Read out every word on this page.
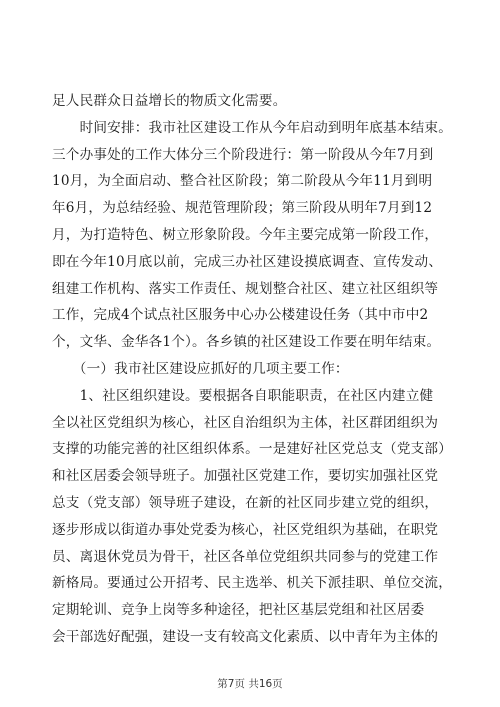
足人民群众日益增长的物质文化需要。
　　时间安排：我市社区建设工作从今年启动到明年底基本结束。
三个办事处的工作大体分三个阶段进行：第一阶段从今年7月到
10月，为全面启动、整合社区阶段；第二阶段从今年11月到明
年6月，为总结经验、规范管理阶段；第三阶段从明年7月到12
月，为打造特色、树立形象阶段。今年主要完成第一阶段工作，
即在今年10月底以前，完成三办社区建设摸底调查、宣传发动、
组建工作机构、落实工作责任、规划整合社区、建立社区组织等
工作，完成4个试点社区服务中心办公楼建设任务（其中市中2
个，文华、金华各1个）。各乡镇的社区建设工作要在明年结束。
　　（一）我市社区建设应抓好的几项主要工作：
　　1、社区组织建设。要根据各自职能职责，在社区内建立健
全以社区党组织为核心，社区自治组织为主体，社区群团组织为
支撑的功能完善的社区组织体系。一是建好社区党总支（党支部）
和社区居委会领导班子。加强社区党建工作，要切实加强社区党
总支（党支部）领导班子建设，在新的社区同步建立党的组织，
逐步形成以街道办事处党委为核心，社区党组织为基础，在职党
员、离退休党员为骨干，社区各单位党组织共同参与的党建工作
新格局。要通过公开招考、民主选举、机关下派挂职、单位交流，
定期轮训、竞争上岗等多种途径，把社区基层党组和社区居委
会干部选好配强，建设一支有较高文化素质、以中青年为主体的
第7页 共16页
